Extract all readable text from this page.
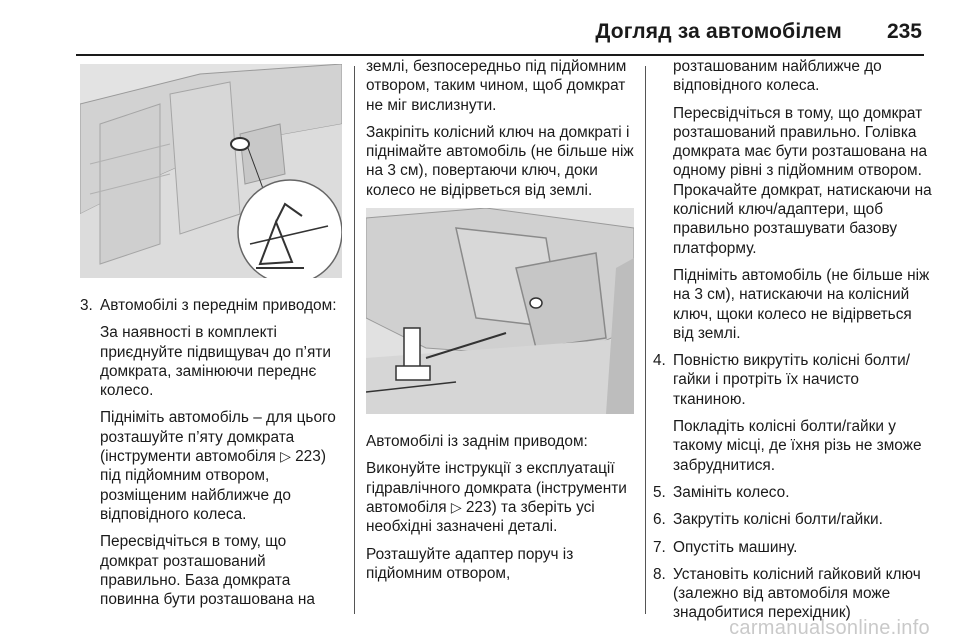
Догляд за автомобілем 235
3. Автомобілі з переднім приводом:

За наявності в комплекті приєднуйте підвищувач до п’яти домкрата, замінюючи переднє колесо.

Підніміть автомобіль – для цього розташуйте п’яту домкрата (інструменти автомобіля ▷ 223) під підйомним отвором, розміщеним найближче до відповідного колеса.

Пересвідчіться в тому, що домкрат розташований правильно. База домкрата повинна бути розташована на

землі, безпосередньо під підйомним отвором, таким чином, щоб домкрат не міг вислизнути.

Закріпіть колісний ключ на домкраті і піднімайте автомобіль (не більше ніж на 3 см), повертаючи ключ, доки колесо не відірветься від землі.

Автомобілі із заднім приводом:

Виконуйте інструкції з експлуатації гідравлічного домкрата (інструменти автомобіля ▷ 223) та зберіть усі необхідні зазначені деталі.

Розташуйте адаптер поруч із підйомним отвором,

розташованим найближче до відповідного колеса.

Пересвідчіться в тому, що домкрат розташований правильно. Голівка домкрата має бути розташована на одному рівні з підйомним отвором. Прокачайте домкрат, натискаючи на колісний ключ/адаптери, щоб правильно розташувати базову платформу.

Підніміть автомобіль (не більше ніж на 3 см), натискаючи на колісний ключ, щоки колесо не відірветься від землі.

4. Повністю викрутіть колісні болти/гайки і протріть їх начисто тканиною.

Покладіть колісні болти/гайки у такому місці, де їхня різь не зможе забруднитися.

5. Замініть колесо.

6. Закрутіть колісні болти/гайки.

7. Опустіть машину.

8. Установіть колісний гайковий ключ (залежно від автомобіля може знадобитися перехідник)

carmanualsonline.info
